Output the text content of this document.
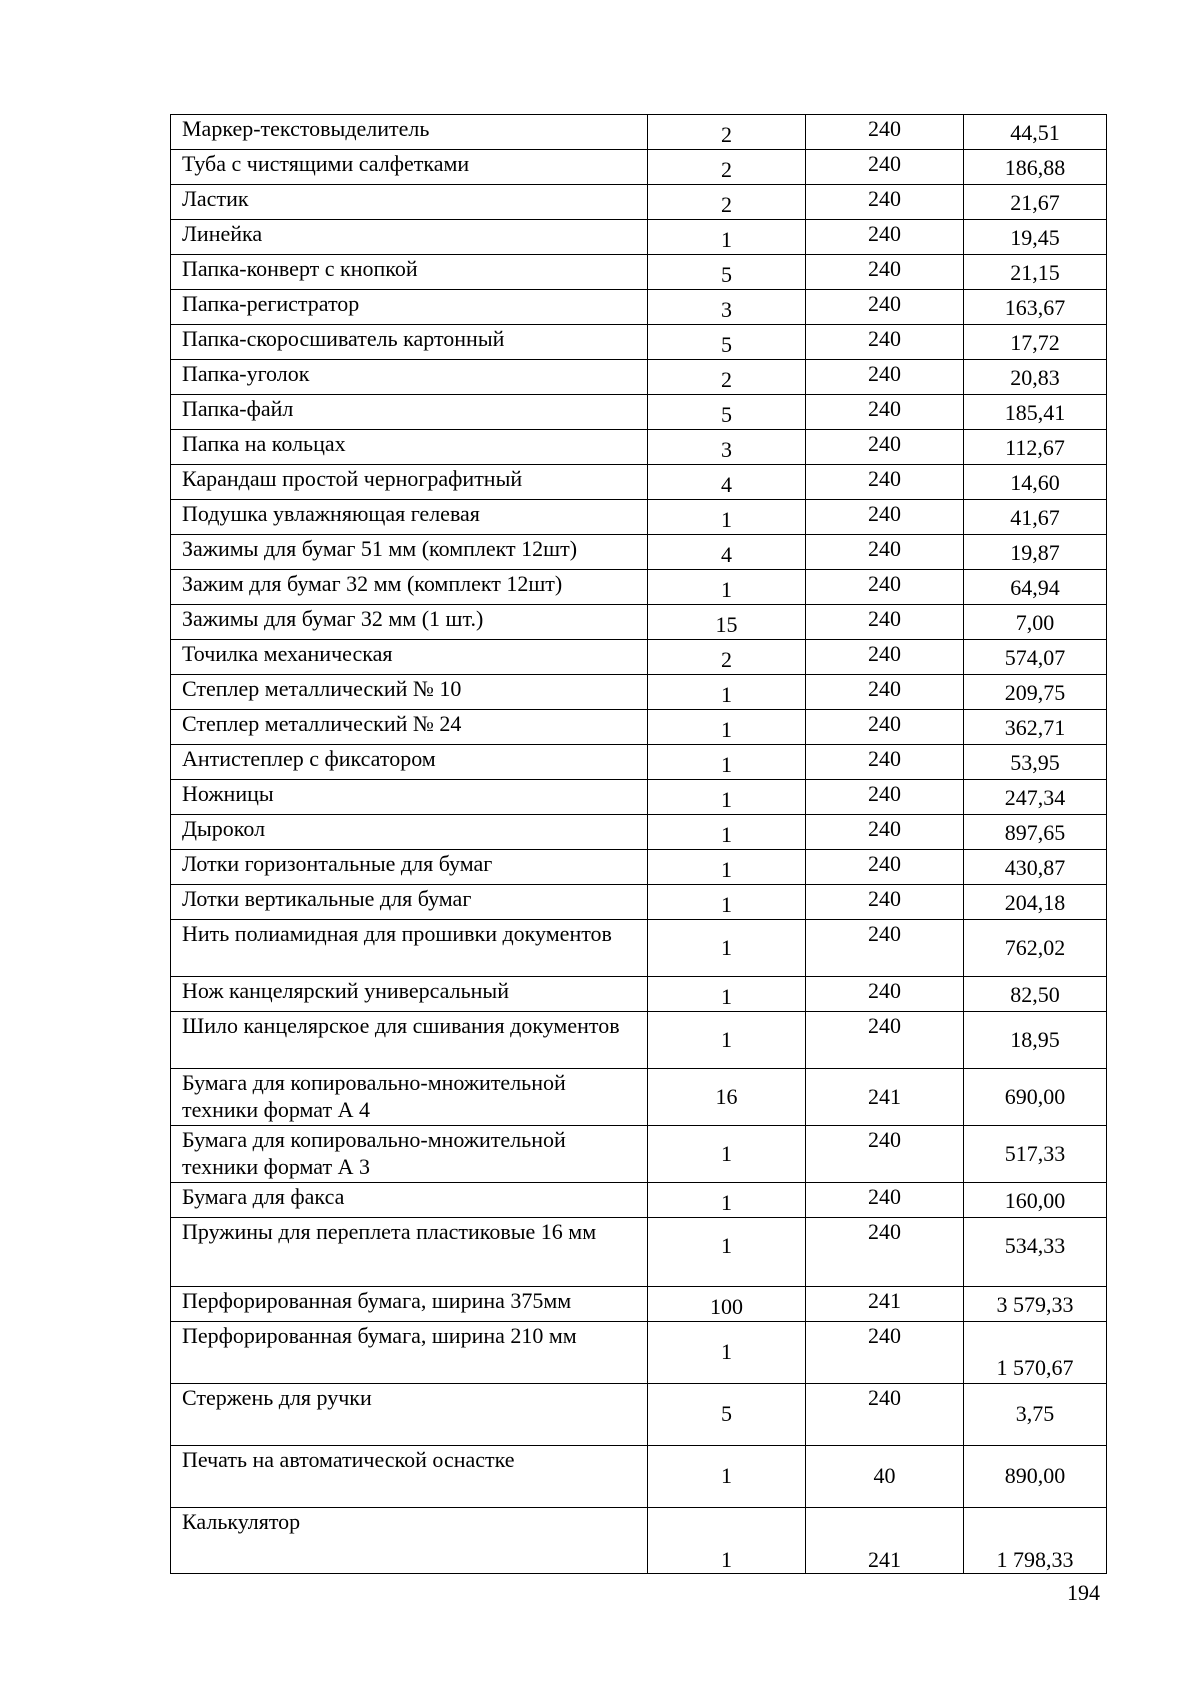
Маркер-текстовыделитель	2	240	44,51

Туба с чистящими салфетками	2	240	186,88

Ластик	2	240	21,67

Линейка	1	240	19,45

Папка-конверт с кнопкой	5	240	21,15

Папка-регистратор	3	240	163,67

Папка-скоросшиватель картонный	5	240	17,72

Папка-уголок	2	240	20,83

Папка-файл	5	240	185,41

Папка на кольцах	3	240	112,67

Карандаш простой чернографитный	4	240	14,60

Подушка увлажняющая гелевая	1	240	41,67

Зажимы для бумаг 51 мм (комплект 12шт)	4	240	19,87

Зажим для бумаг 32 мм (комплект 12шт)	1	240	64,94

Зажимы для бумаг 32 мм (1 шт.)	15	240	7,00

Точилка механическая	2	240	574,07

Степлер металлический № 10	1	240	209,75

Степлер металлический № 24	1	240	362,71

Антистеплер с фиксатором	1	240	53,95

Ножницы	1	240	247,34

Дырокол	1	240	897,65

Лотки горизонтальные для бумаг	1	240	430,87

Лотки вертикальные для бумаг	1	240	204,18

Нить полиамидная для прошивки документов	1	240	762,02

Нож канцелярский универсальный	1	240	82,50

Шило канцелярское для сшивания документов	1	240	18,95

Бумага для копировально-множительной техники формат А 4	16	241	690,00

Бумага для копировально-множительной техники формат А 3	1	240	517,33

Бумага для факса	1	240	160,00

Пружины для переплета пластиковые 16 мм	1	240	534,33

Перфорированная бумага, ширина 375мм	100	241	3 579,33

Перфорированная бумага, ширина 210 мм	1	240	1 570,67

Стержень для ручки	5	240	3,75

Печать на автоматической оснастке	1	40	890,00

Калькулятор	1	241	1 798,33
194
